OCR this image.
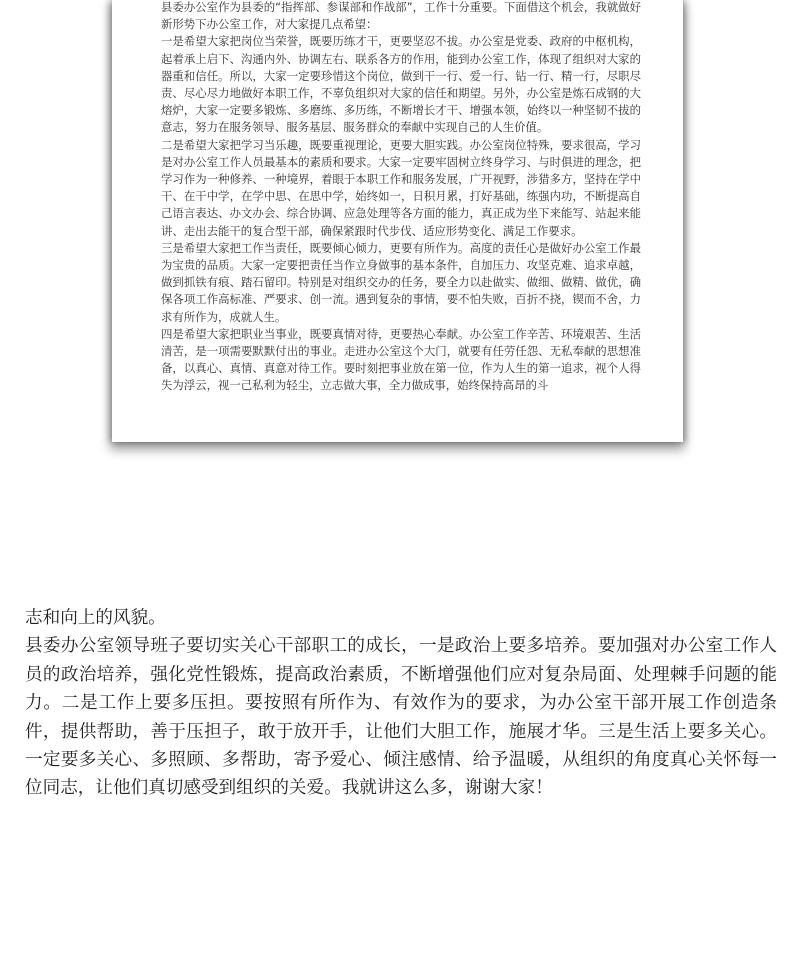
县委办公室作为县委的“指挥部、参谋部和作战部”，工作十分重要。下面借这个机会，我就做好新形势下办公室工作，对大家提几点希望：

一是希望大家把岗位当荣誉，既要历练才干，更要坚忍不拔。办公室是党委、政府的中枢机构，起着承上启下、沟通内外、协调左右、联系各方的作用，能到办公室工作，体现了组织对大家的器重和信任。所以，大家一定要珍惜这个岗位，做到干一行、爱一行、钻一行、精一行，尽职尽责、尽心尽力地做好本职工作，不辜负组织对大家的信任和期望。另外，办公室是炼石成钢的大熔炉，大家一定要多锻炼、多磨练、多历练，不断增长才干、增强本领，始终以一种坚韧不拔的意志，努力在服务领导、服务基层、服务群众的奉献中实现自己的人生价值。

二是希望大家把学习当乐趣，既要重视理论，更要大胆实践。办公室岗位特殊，要求很高，学习是对办公室工作人员最基本的素质和要求。大家一定要牢固树立终身学习、与时俱进的理念，把学习作为一种修养、一种境界，着眼于本职工作和服务发展，广开视野，涉猎多方，坚持在学中干、在干中学，在学中思、在思中学，始终如一，日积月累，打好基础，练强内功，不断提高自己语言表达、办文办会、综合协调、应急处理等各方面的能力，真正成为坐下来能写、站起来能讲、走出去能干的复合型干部，确保紧跟时代步伐、适应形势变化、满足工作要求。

三是希望大家把工作当责任，既要倾心倾力，更要有所作为。高度的责任心是做好办公室工作最为宝贵的品质。大家一定要把责任当作立身做事的基本条件，自加压力、攻坚克难、追求卓越，做到抓铁有痕、踏石留印。特别是对组织交办的任务，要全力以赴做实、做细、做精、做优，确保各项工作高标准、严要求、创一流。遇到复杂的事情，要不怕失败，百折不挠，锲而不舍，力求有所作为，成就人生。

四是希望大家把职业当事业，既要真情对待，更要热心奉献。办公室工作辛苦、环境艰苦、生活清苦，是一项需要默默付出的事业。走进办公室这个大门，就要有任劳任怨、无私奉献的思想准备，以真心、真情、真意对待工作。要时刻把事业放在第一位，作为人生的第一追求，视个人得失为浮云，视一己私利为轻尘，立志做大事，全力做成事，始终保持高昂的斗

志和向上的风貌。

县委办公室领导班子要切实关心干部职工的成长，一是政治上要多培养。要加强对办公室工作人员的政治培养，强化党性锻炼，提高政治素质，不断增强他们应对复杂局面、处理棘手问题的能力。二是工作上要多压担。要按照有所作为、有效作为的要求，为办公室干部开展工作创造条件，提供帮助，善于压担子，敢于放开手，让他们大胆工作，施展才华。三是生活上要多关心。一定要多关心、多照顾、多帮助，寄予爱心、倾注感情、给予温暖，从组织的角度真心关怀每一位同志，让他们真切感受到组织的关爱。我就讲这么多，谢谢大家！
